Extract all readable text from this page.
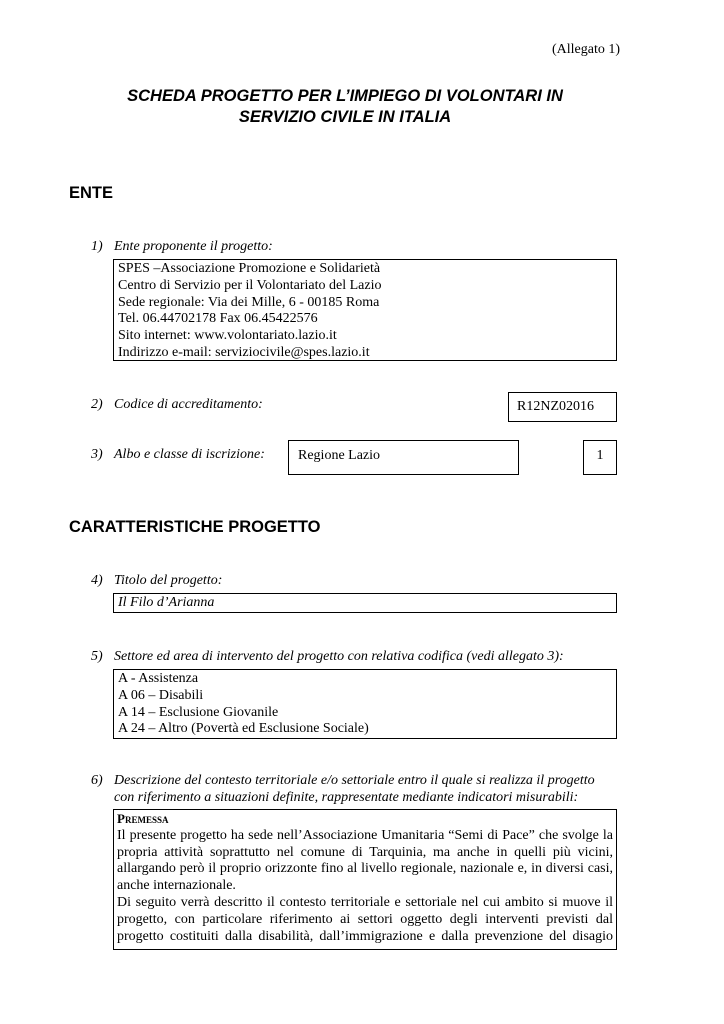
(Allegato 1)
SCHEDA PROGETTO PER L’IMPIEGO DI VOLONTARI IN
SERVIZIO CIVILE IN ITALIA
ENTE
1) Ente proponente il progetto:
SPES –Associazione Promozione e Solidarietà
Centro di Servizio per il Volontariato del Lazio
Sede regionale: Via dei Mille, 6 - 00185 Roma
Tel. 06.44702178 Fax 06.45422576
Sito internet: www.volontariato.lazio.it
Indirizzo e-mail: serviziocivile@spes.lazio.it
2) Codice di accreditamento:	R12NZ02016
3) Albo e classe di iscrizione:	Regione Lazio	1
CARATTERISTICHE PROGETTO
4) Titolo del progetto:
Il Filo d’Arianna
5) Settore ed area di intervento del progetto con relativa codifica (vedi allegato 3):
A - Assistenza
A 06 – Disabili
A 14 – Esclusione Giovanile
A 24 – Altro (Povertà ed Esclusione Sociale)
6) Descrizione del contesto territoriale e/o settoriale entro il quale si realizza il progetto
con riferimento a situazioni definite, rappresentate mediante indicatori misurabili:
Premessa
Il presente progetto ha sede nell’Associazione Umanitaria “Semi di Pace” che svolge la propria attività soprattutto nel comune di Tarquinia, ma anche in quelli più vicini, allargando però il proprio orizzonte fino al livello regionale, nazionale e, in diversi casi, anche internazionale.
Di seguito verrà descritto il contesto territoriale e settoriale nel cui ambito si muove il progetto, con particolare riferimento ai settori oggetto degli interventi previsti dal progetto costituiti dalla disabilità, dall’immigrazione e dalla prevenzione del disagio
